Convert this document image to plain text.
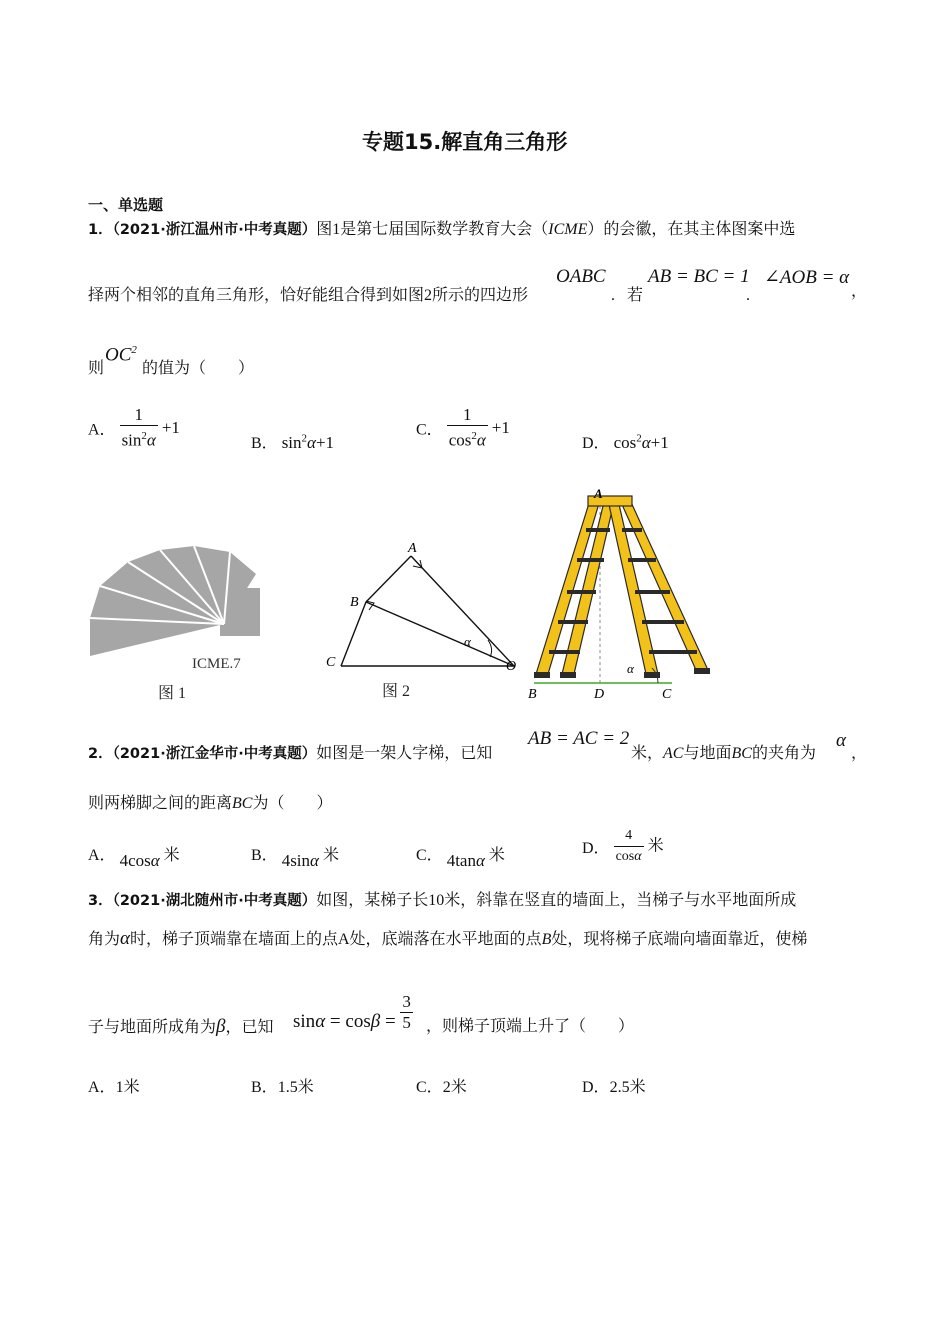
专题15.解直角三角形
一、单选题
1．（2021·浙江温州市·中考真题）图1是第七届国际数学教育大会（ICME）的会徽，在其主体图案中选
择两个相邻的直角三角形，恰好能组合得到如图2所示的四边形
OABC
. 若
AB = BC = 1
.
∠AOB = α
，
则
$OC^2$
的值为（　　）
A． $\frac{1}{\sin^2\alpha} +1$
B． $\sin^2\alpha+1$
C． $\frac{1}{\cos^2\alpha} +1$
D． $\cos^2\alpha+1$
ICME.7
图 1
A
B
C	O
α
图 2
A
B	D	C
α
2．（2021·浙江金华市·中考真题）如图是一架人字梯，已知
AB = AC = 2
米，AC与地面BC的夹角为
α
，
则两梯脚之间的距离BC为（　　）
A． 4cosα 米	B． 4sinα 米	C． 4tanα 米	D． $\frac{4}{\cos\alpha}$ 米
3．（2021·湖北随州市·中考真题）如图，某梯子长10米，斜靠在竖直的墙面上，当梯子与水平地面所成
角为α时，梯子顶端靠在墙面上的点A处，底端落在水平地面的点B处，现将梯子底端向墙面靠近，使梯
子与地面所成角为β，已知 $\sin\alpha = \cos\beta = \frac{3}{5}$ ，则梯子顶端上升了（　　）
A．1米	B．1.5米	C．2米	D．2.5米
